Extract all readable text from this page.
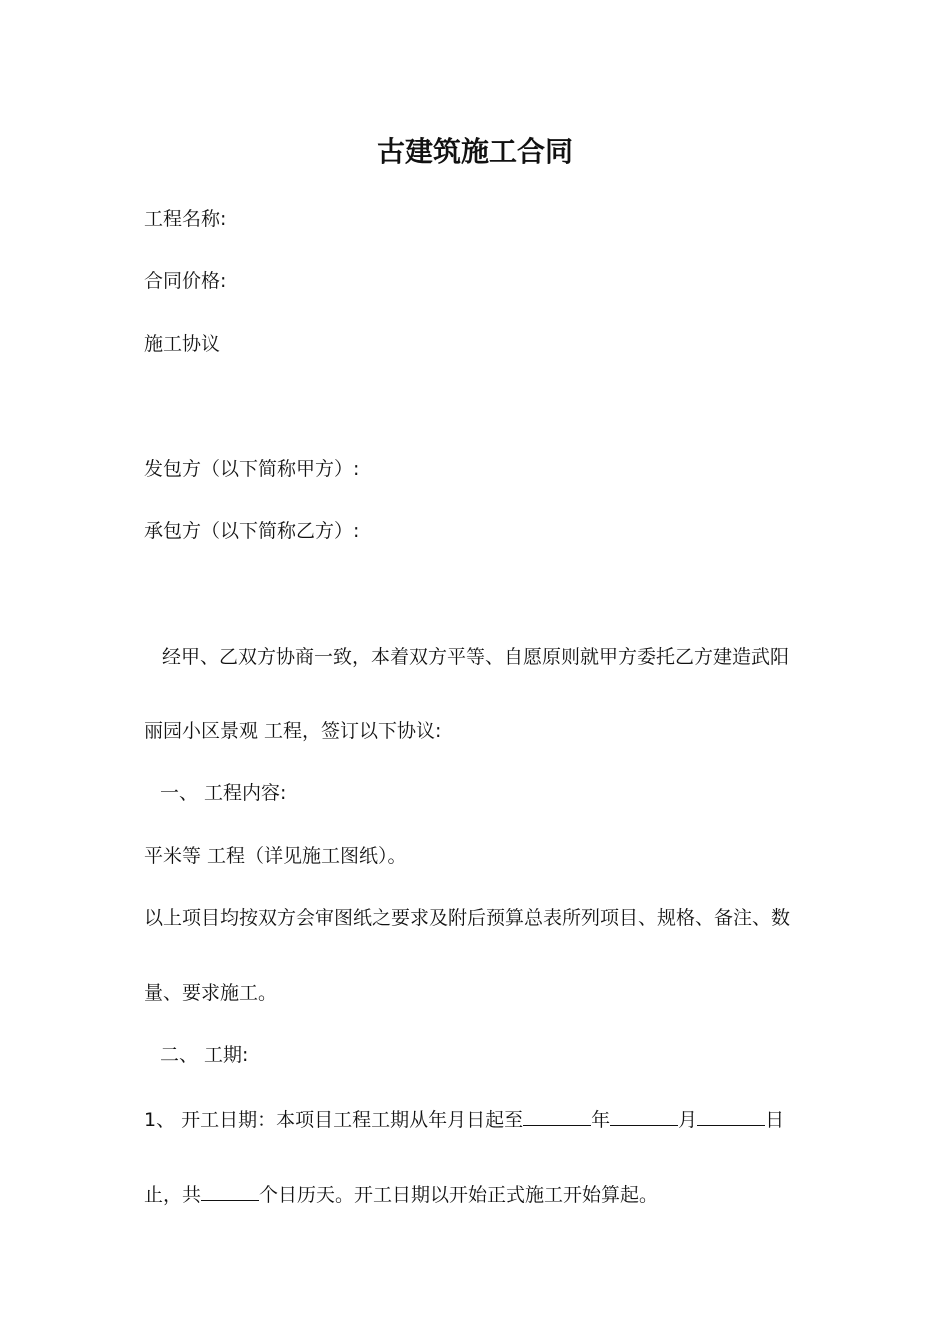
古建筑施工合同
工程名称:
合同价格:
施工协议
发包方（以下简称甲方）:
承包方（以下简称乙方）:
经甲、乙双方协商一致，本着双方平等、自愿原则就甲方委托乙方建造武阳
丽园小区景观 工程，签订以下协议:
一、 工程内容:
平米等 工程（详见施工图纸）。
以上项目均按双方会审图纸之要求及附后预算总表所列项目、规格、备注、数
量、要求施工。
二、 工期:
1、 开工日期：本项目工程工期从年月日起至	年	月	日
止，共	个日历天。开工日期以开始正式施工开始算起。
